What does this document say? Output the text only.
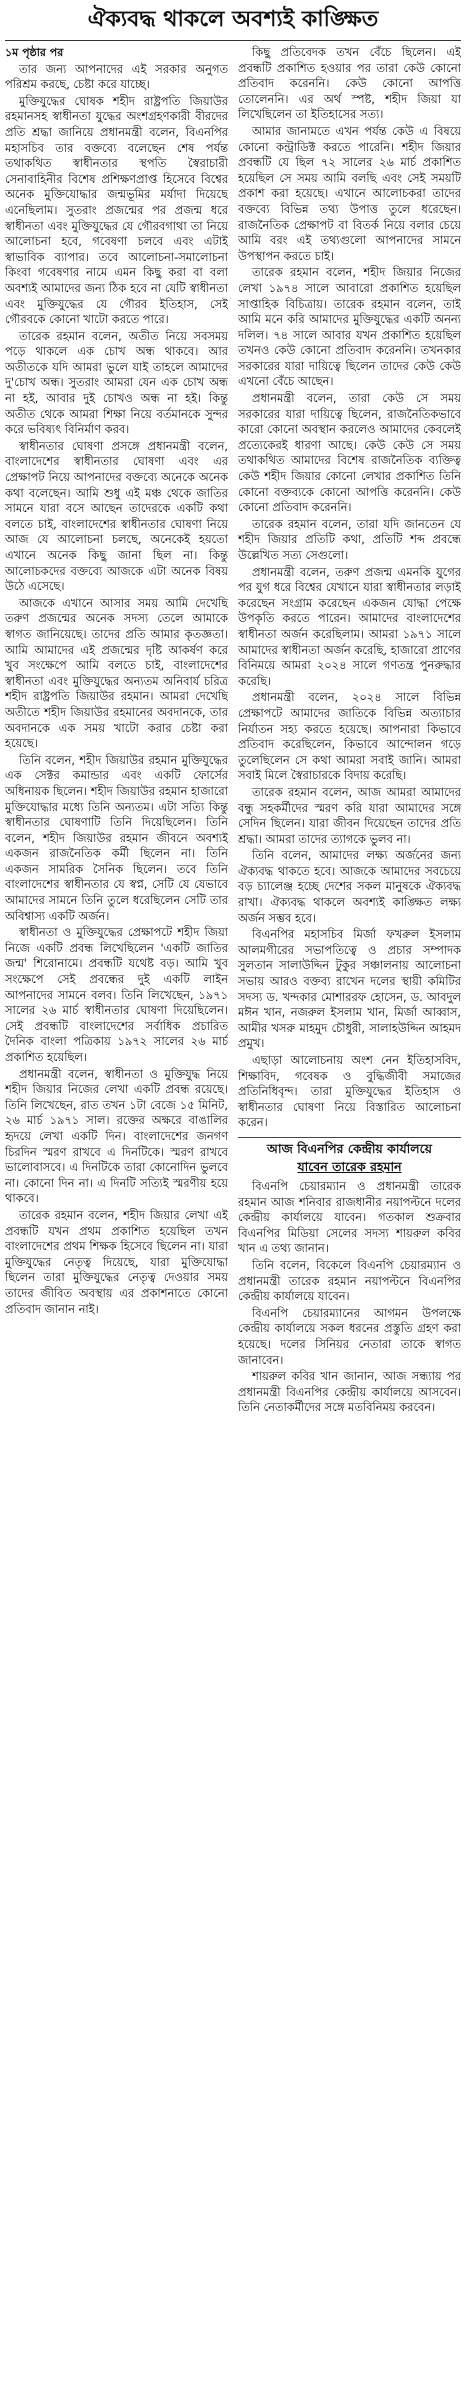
ঐক্যবদ্ধ থাকলে অবশ্যই কাঙ্ক্ষিত

১ম পৃষ্ঠার পর

তার জন্য আপনাদের এই সরকার অনুগত পরিশ্রম করছে, চেষ্টা করে যাচ্ছে।

মুক্তিযুদ্ধের ঘোষক শহীদ রাষ্ট্রপতি জিয়াউর রহমানসহ স্বাধীনতা যুদ্ধের অংশগ্রহণকারী বীরদের প্রতি শ্রদ্ধা জানিয়ে প্রধানমন্ত্রী বলেন, বিএনপির মহাসচিব তার বক্তব্যে বলেছেন শেষ পর্যন্ত তথাকথিত স্বাধীনতার স্থপতি স্বৈরাচারী সেনাবাহিনীর বিশেষ প্রশিক্ষণপ্রাপ্ত হিসেবে বিশ্বের অনেক মুক্তিযোদ্ধার জন্মভূমির মর্যাদা দিয়েছে এনেছিলাম। সুতরাং প্রজন্মের পর প্রজন্ম ধরে স্বাধীনতা এবং মুক্তিযুদ্ধের যে গৌরবগাথা তা নিয়ে আলোচনা হবে, গবেষণা চলবে এবং এটাই স্বাভাবিক ব্যাপার। তবে আলোচনা-সমালোচনা কিংবা গবেষণার নামে এমন কিছু করা বা বলা অবশ্যই আমাদের জন্য ঠিক হবে না যেটি স্বাধীনতা এবং মুক্তিযুদ্ধের যে গৌরব ইতিহাস, সেই গৌরবকে কোনো খাটো করতে পারে।

তারেক রহমান বলেন, অতীত নিয়ে সবসময় পড়ে থাকলে এক চোখ অন্ধ থাকবে। আর অতীতকে যদি আমরা ভুলে যাই তাহলে আমাদের দু'চোখ অন্ধ। সুতরাং আমরা যেন এক চোখ অন্ধ না হই, আবার দুই চোখও অন্ধ না হই। কিন্তু অতীত থেকে আমরা শিক্ষা নিয়ে বর্তমানকে সুন্দর করে ভবিষ্যৎ বিনির্মাণ করব।

স্বাধীনতার ঘোষণা প্রসঙ্গে প্রধানমন্ত্রী বলেন, বাংলাদেশের স্বাধীনতার ঘোষণা এবং এর প্রেক্ষাপট নিয়ে আপনাদের বক্তব্যে অনেকে অনেক কথা বলেছেন। আমি শুধু এই মঞ্চ থেকে জাতির সামনে যারা বসে আছেন তাদেরকে একটি কথা বলতে চাই, বাংলাদেশের স্বাধীনতার ঘোষণা নিয়ে আজ যে আলোচনা চলছে, অনেকেই হয়তো এখানে অনেক কিছু জানা ছিল না। কিন্তু আলোচকদের বক্তব্যে আজকে এটা অনেক বিষয় উঠে এসেছে।

আজকে এখানে আসার সময় আমি দেখেছি তরুণ প্রজন্মের অনেক সদস্য তেলে আমাকে স্বাগত জানিয়েছে। তাদের প্রতি আমার কৃতজ্ঞতা। আমি আমাদের এই প্রজন্মের দৃষ্টি আকর্ষণ করে খুব সংক্ষেপে আমি বলতে চাই, বাংলাদেশের স্বাধীনতা এবং মুক্তিযুদ্ধের অন্যতম অনিবার্য চরিত্র শহীদ রাষ্ট্রপতি জিয়াউর রহমান। আমরা দেখেছি অতীতে শহীদ জিয়াউর রহমানের অবদানকে, তার অবদানকে এক সময় খাটো করার চেষ্টা করা হয়েছে।

তিনি বলেন, শহীদ জিয়াউর রহমান মুক্তিযুদ্ধের এক সেক্টর কমান্ডার এবং একটি ফোর্সের অধিনায়ক ছিলেন। শহীদ জিয়াউর রহমান হাজারো মুক্তিযোদ্ধার মধ্যে তিনি অন্যতম। এটা সত্যি কিন্তু স্বাধীনতার ঘোষণাটি তিনি দিয়েছিলেন। তিনি বলেন, শহীদ জিয়াউর রহমান জীবনে অবশ্যই একজন রাজনৈতিক কর্মী ছিলেন না। তিনি একজন সামরিক সৈনিক ছিলেন। তবে তিনি বাংলাদেশের স্বাধীনতার যে স্বপ্ন, সেটি যে যেভাবে আমাদের সামনে তিনি তুলে ধরেছিলেন সেটি তার অবিশ্বাস্য একটি অর্জন।

স্বাধীনতা ও মুক্তিযুদ্ধের প্রেক্ষাপটে শহীদ জিয়া নিজে একটি প্রবন্ধ লিখেছিলেন 'একটি জাতির জন্ম' শিরোনামে। প্রবন্ধটি যথেষ্ট বড়। আমি খুব সংক্ষেপে সেই প্রবন্ধের দুই একটি লাইন আপনাদের সামনে বলব। তিনি লিখেছেন, ১৯৭১ সালের ২৬ মার্চ স্বাধীনতার ঘোষণা দিয়েছিলেন। সেই প্রবন্ধটি বাংলাদেশের সর্বাধিক প্রচারিত দৈনিক বাংলা পত্রিকায় ১৯৭২ সালের ২৬ মার্চ প্রকাশিত হয়েছিল।

প্রধানমন্ত্রী বলেন, স্বাধীনতা ও মুক্তিযুদ্ধ নিয়ে শহীদ জিয়ার নিজের লেখা একটি প্রবন্ধ রয়েছে। তিনি লিখেছেন, রাত তখন ১টা বেজে ১৫ মিনিট, ২৬ মার্চ ১৯৭১ সাল। রক্তের অক্ষরে বাঙালির হৃদয়ে লেখা একটি দিন। বাংলাদেশের জনগণ চিরদিন স্মরণ রাখবে এ দিনটিকে। স্মরণ রাখবে ভালোবাসবে। এ দিনটিকে তারা কোনোদিন ভুলবে না। কোনো দিন না। এ দিনটি সত্যিই স্মরণীয় হয়ে থাকবে।

তারেক রহমান বলেন, শহীদ জিয়ার লেখা এই প্রবন্ধটি যখন প্রথম প্রকাশিত হয়েছিল তখন বাংলাদেশের প্রথম শিক্ষক হিসেবে ছিলেন না। যারা মুক্তিযুদ্ধের নেতৃত্ব দিয়েছে, যারা মুক্তিযোদ্ধা ছিলেন তারা মুক্তিযুদ্ধের নেতৃত্ব দেওয়ার সময় তাদের জীবিত অবস্থায় এর প্রকাশনাতে কোনো প্রতিবাদ জানান নাই।

কিছু প্রতিবেদক তখন বেঁচে ছিলেন। এই প্রবন্ধটি প্রকাশিত হওয়ার পর তারা কেউ কোনো প্রতিবাদ করেননি। কেউ কোনো আপত্তি তোলেননি। এর অর্থ স্পষ্ট, শহীদ জিয়া যা লিখেছিলেন তা ইতিহাসের সত্য।

আমার জানামতে এখন পর্যন্ত কেউ এ বিষয়ে কোনো কন্ট্রাডিক্ট করতে পারেনি। শহীদ জিয়ার প্রবন্ধটি যে ছিল ৭২ সালের ২৬ মার্চ প্রকাশিত হয়েছিল সে সময় আমি বলছি এবং সেই সময়টি প্রকাশ করা হয়েছে। এখানে আলোচকরা তাদের বক্তব্যে বিভিন্ন তথ্য উপাত্ত তুলে ধরেছেন। রাজনৈতিক প্রেক্ষাপট বা বিতর্ক নিয়ে বলার চেয়ে আমি বরং এই তথ্যগুলো আপনাদের সামনে উপস্থাপন করতে চাই।

তারেক রহমান বলেন, শহীদ জিয়ার নিজের লেখা ১৯৭৪ সালে আবারো প্রকাশিত হয়েছিল সাপ্তাহিক বিচিত্রায়। তারেক রহমান বলেন, তাই আমি মনে করি আমাদের মুক্তিযুদ্ধের একটি অনন্য দলিল। ৭৪ সালে আবার যখন প্রকাশিত হয়েছিল তখনও কেউ কোনো প্রতিবাদ করেননি। তখনকার সরকারের যারা দায়িত্বে ছিলেন তাদের কেউ কেউ এখনো বেঁচে আছেন।

প্রধানমন্ত্রী বলেন, তারা কেউ সে সময় সরকারের যারা দায়িত্বে ছিলেন, রাজনৈতিকভাবে কারো কোনো অবস্থান করলেও আমাদের কেবলেই প্রত্যেকেরই ধারণা আছে। কেউ কেউ সে সময় তথাকথিত আমাদের বিশেষ রাজনৈতিক ব্যক্তিত্ব কেউ শহীদ জিয়ার কোনো লেখার প্রকাশিত তিনি কোনো বক্তব্যকে কোনো আপত্তি করেননি। কেউ কোনো প্রতিবাদ করেননি।

তারেক রহমান বলেন, তারা যদি জানতেন যে শহীদ জিয়ার প্রতিটি কথা, প্রতিটি শব্দ প্রবন্ধে উল্লেখিত সত্য সেগুলো।

প্রধানমন্ত্রী বলেন, তরুণ প্রজন্ম এমনকি যুগের পর যুগ ধরে বিশ্বের যেখানে যারা স্বাধীনতার লড়াই করেছেন সংগ্রাম করেছেন একজন যোদ্ধা পেক্ষে উপকৃতি করতে পারেন। আমাদের বাংলাদেশের স্বাধীনতা অর্জন করেছিলাম। আমরা ১৯৭১ সালে আমাদের স্বাধীনতা অর্জন করেছি, হাজারো প্রাণের বিনিময়ে আমরা ২০২৪ সালে গণতন্ত্র পুনরুদ্ধার করেছি।

প্রধানমন্ত্রী বলেন, ২০২৪ সালে বিভিন্ন প্রেক্ষাপটে আমাদের জাতিকে বিভিন্ন অত্যাচার নির্যাতন সহ্য করতে হয়েছে। আপনারা কিভাবে প্রতিবাদ করেছিলেন, কিভাবে আন্দোলন গড়ে তুলেছিলেন সে কথা আমরা সবাই জানি। আমরা সবাই মিলে স্বৈরাচারকে বিদায় করেছি।

তারেক রহমান বলেন, আজ আমরা আমাদের বন্ধু সহকর্মীদের স্মরণ করি যারা আমাদের সঙ্গে সেদিন ছিলেন। যারা জীবন দিয়েছেন তাদের প্রতি শ্রদ্ধা। আমরা তাদের ত্যাগকে ভুলব না।

তিনি বলেন, আমাদের লক্ষ্য অর্জনের জন্য ঐক্যবদ্ধ থাকতে হবে। আজকে আমাদের সবচেয়ে বড় চ্যালেঞ্জ হচ্ছে দেশের সকল মানুষকে ঐক্যবদ্ধ রাখা। ঐক্যবদ্ধ থাকলে অবশ্যই কাঙ্ক্ষিত লক্ষ্য অর্জন সম্ভব হবে।

বিএনপির মহাসচিব মির্জা ফখরুল ইসলাম আলমগীরের সভাপতিত্বে ও প্রচার সম্পাদক সুলতান সালাউদ্দিন টুকুর সঞ্চালনায় আলোচনা সভায় আরও বক্তব্য রাখেন দলের স্থায়ী কমিটির সদস্য ড. খন্দকার মোশাররফ হোসেন, ড. আবদুল মঈন খান, নজরুল ইসলাম খান, মির্জা আব্বাস, আমীর খসরু মাহমুদ চৌধুরী, সালাহউদ্দিন আহমদ প্রমুখ।

এছাড়া আলোচনায় অংশ নেন ইতিহাসবিদ, শিক্ষাবিদ, গবেষক ও বুদ্ধিজীবী সমাজের প্রতিনিধিবৃন্দ। তারা মুক্তিযুদ্ধের ইতিহাস ও স্বাধীনতার ঘোষণা নিয়ে বিস্তারিত আলোচনা করেন।

আজ বিএনপির কেন্দ্রীয় কার্যালয়ে
যাবেন তারেক রহমান

বিএনপি চেয়ারম্যান ও প্রধানমন্ত্রী তারেক রহমান আজ শনিবার রাজধানীর নয়াপল্টনে দলের কেন্দ্রীয় কার্যালয়ে যাবেন। গতকাল শুক্রবার বিএনপির মিডিয়া সেলের সদস্য শায়রুল কবির খান এ তথ্য জানান।

তিনি বলেন, বিকেলে বিএনপি চেয়ারম্যান ও প্রধানমন্ত্রী তারেক রহমান নয়াপল্টনে বিএনপির কেন্দ্রীয় কার্যালয়ে যাবেন।

বিএনপি চেয়ারম্যানের আগমন উপলক্ষে কেন্দ্রীয় কার্যালয়ে সকল ধরনের প্রস্তুতি গ্রহণ করা হয়েছে। দলের সিনিয়র নেতারা তাকে স্বাগত জানাবেন।

শায়রুল কবির খান জানান, আজ সন্ধ্যায় পর প্রধানমন্ত্রী বিএনপির কেন্দ্রীয় কার্যালয়ে আসবেন। তিনি নেতাকর্মীদের সঙ্গে মতবিনিময় করবেন।
